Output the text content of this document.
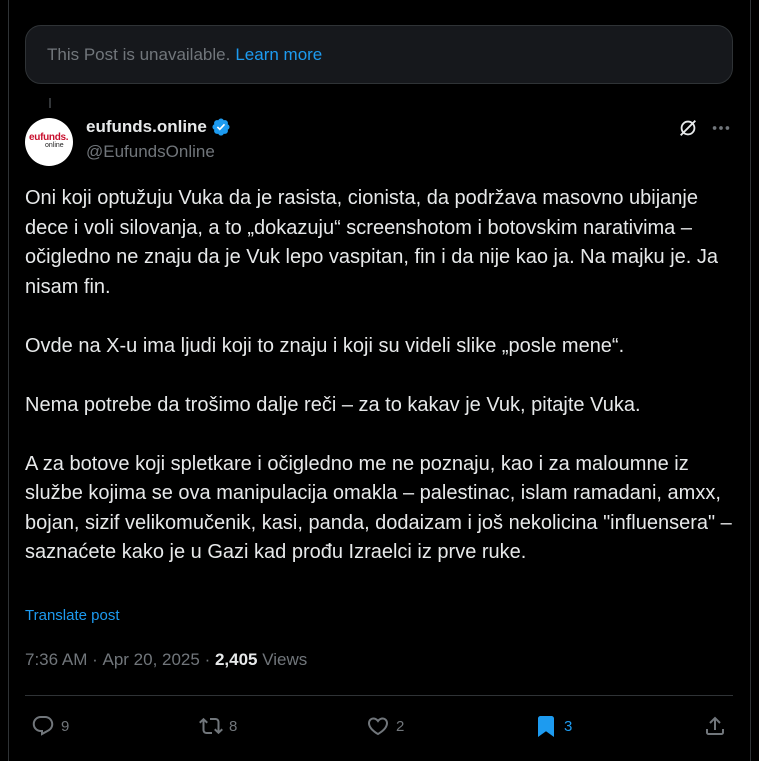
This Post is unavailable. Learn more
eufunds.
online
eufunds.online
@EufundsOnline

Oni koji optužuju Vuka da je rasista, cionista, da podržava masovno ubijanje dece i voli silovanja, a to „dokazuju“ screenshotom i botovskim narativima – očigledno ne znaju da je Vuk lepo vaspitan, fin i da nije kao ja. Na majku je. Ja nisam fin.

Ovde na X-u ima ljudi koji to znaju i koji su videli slike „posle mene“.

Nema potrebe da trošimo dalje reči – za to kakav je Vuk, pitajte Vuka.

A za botove koji spletkare i očigledno me ne poznaju, kao i za maloumne iz službe kojima se ova manipulacija omakla – palestinac, islam ramadani, amxx, bojan, sizif velikomučenik, kasi, panda, dodaizam i još nekolicina "influensera" – saznaćete kako je u Gazi kad prođu Izraelci iz prve ruke.

Translate post
7:36 AM · Apr 20, 2025 · 2,405
Views
9	8	2	3
